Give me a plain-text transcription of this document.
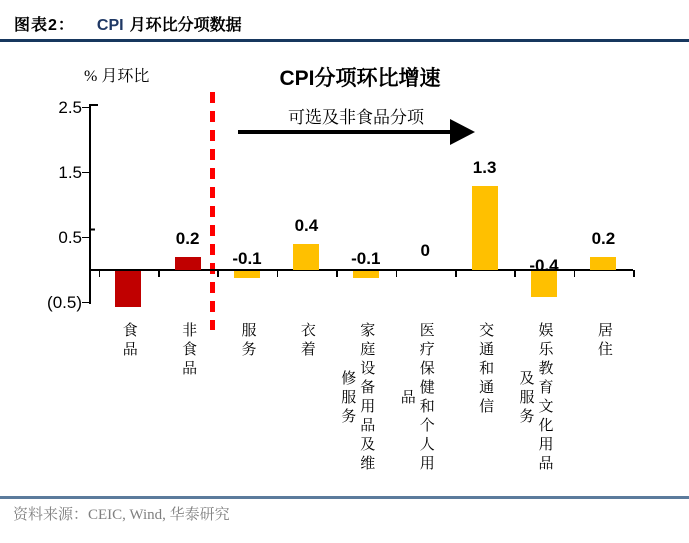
图表2： CPI 月环比分项数据
% 月环比	CPI分项环比增速
可选及非食品分项
2.5
1.5
0.5
(0.5)
-
食品
0.2
非食品
-0.1
服务
0.4
衣着
-0.1
家庭设备用品及维
修服务
0
医疗保健和个人用
品
1.3
交通和通信
-0.4
娱乐教育文化用品
及服务
0.2
居住
资料来源：CEIC, Wind, 华泰研究
